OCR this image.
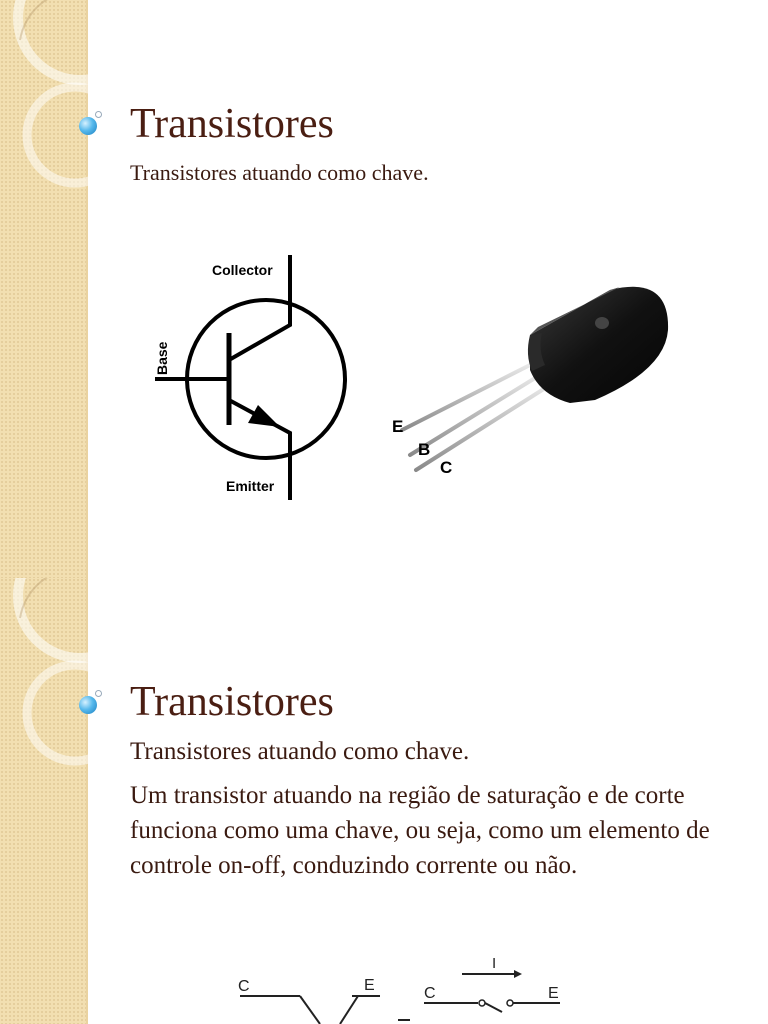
Transistores
Transistores atuando como chave.
Collector
Emitter
Base
E
B
C
Transistores
Transistores atuando como chave.
Um transistor atuando na região de saturação e de corte funciona como uma chave, ou seja, como um elemento de controle on-off, conduzindo corrente ou não.
C	E	C	E
I
